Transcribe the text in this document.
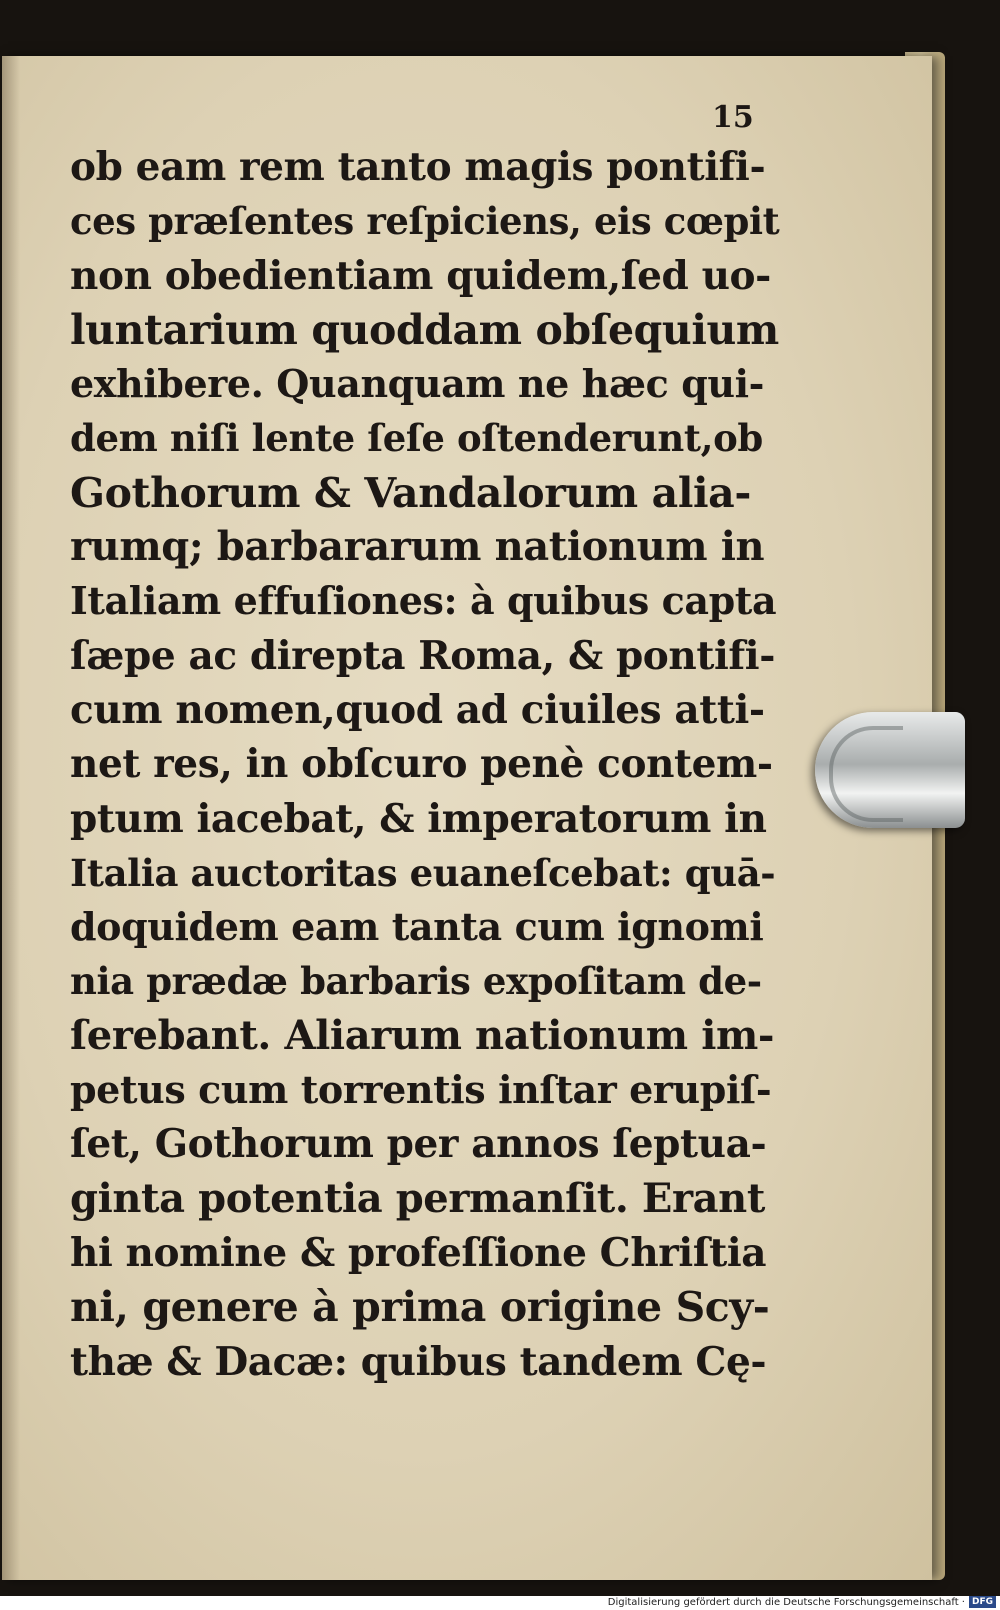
15
ob eam rem tanto magis pontifi-
ces præſentes reſpiciens, eis cœpit
non obedientiam quidem,ſed uo-
luntarium quoddam obſequium
exhibere. Quanquam ne hæc qui-
dem niſi lente ſeſe oſtenderunt,ob
Gothorum & Vandalorum alia-
rumq; barbararum nationum in
Italiam effuſiones: à quibus capta
ſæpe ac direpta Roma, & pontifi-
cum nomen,quod ad ciuiles atti-
net res, in obſcuro penè contem-
ptum iacebat, & imperatorum in
Italia auctoritas euaneſcebat: quā-
doquidem eam tanta cum ignomi
nia prædæ barbaris expoſitam de-
ſerebant. Aliarum nationum im-
petus cum torrentis inſtar erupiſ-
ſet, Gothorum per annos ſeptua-
ginta potentia permanſit. Erant
hi nomine & profeſſione Chriſtia
ni, genere à prima origine Scy-
thæ & Dacæ: quibus tandem Cę-
Digitalisierung gefördert durch die Deutsche Forschungsgemeinschaft · DFG
